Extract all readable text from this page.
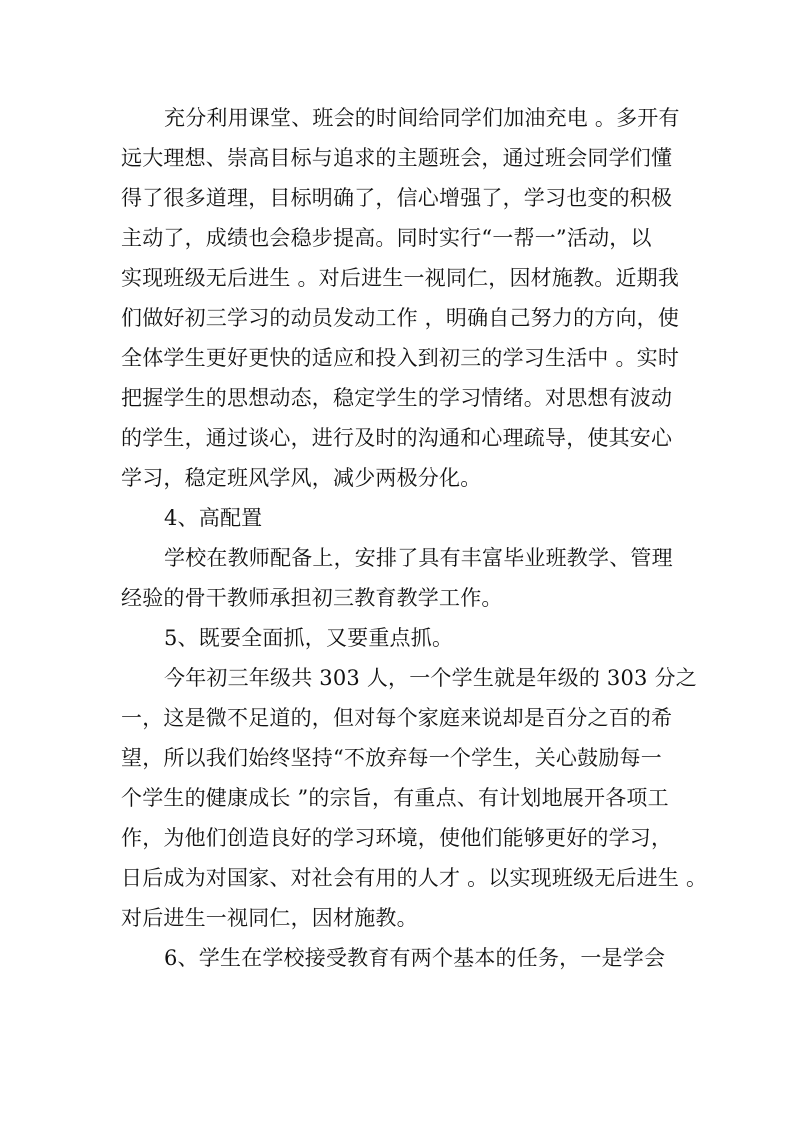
充分利用课堂、班会的时间给同学们加油充电 。多开有
远大理想、崇高目标与追求的主题班会，通过班会同学们懂
得了很多道理，目标明确了，信心增强了，学习也变的积极
主动了，成绩也会稳步提高。同时实行“一帮一”活动，以
实现班级无后进生 。对后进生一视同仁，因材施教。近期我
们做好初三学习的动员发动工作 ，明确自己努力的方向，使
全体学生更好更快的适应和投入到初三的学习生活中 。实时
把握学生的思想动态，稳定学生的学习情绪。对思想有波动
的学生，通过谈心，进行及时的沟通和心理疏导，使其安心
学习，稳定班风学风，减少两极分化。
4、高配置
学校在教师配备上，安排了具有丰富毕业班教学、管理
经验的骨干教师承担初三教育教学工作。
5、既要全面抓，又要重点抓。
今年初三年级共 303 人，一个学生就是年级的 303 分之
一，这是微不足道的，但对每个家庭来说却是百分之百的希
望，所以我们始终坚持“不放弃每一个学生，关心鼓励每一
个学生的健康成长 ”的宗旨，有重点、有计划地展开各项工
作，为他们创造良好的学习环境，使他们能够更好的学习，
日后成为对国家、对社会有用的人才 。以实现班级无后进生 。
对后进生一视同仁，因材施教。
6、学生在学校接受教育有两个基本的任务，一是学会
